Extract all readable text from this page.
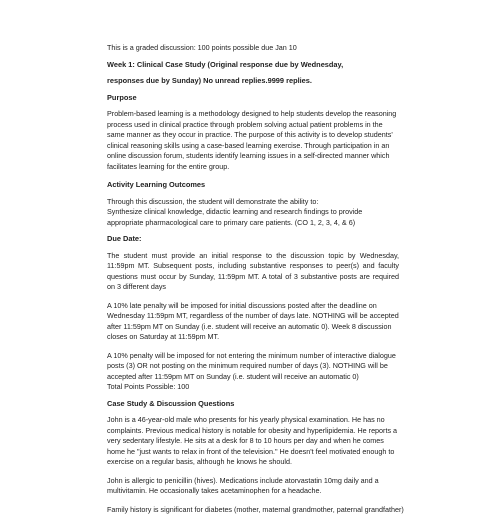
This is a graded discussion: 100 points possible due Jan 10

Week 1: Clinical Case Study (Original response due by Wednesday,

responses due by Sunday) No unread replies.9999 replies.

Purpose

Problem-based learning is a methodology designed to help students develop the reasoning process used in clinical practice through problem solving actual patient problems in the same manner as they occur in practice. The purpose of this activity is to develop students' clinical reasoning skills using a case-based learning exercise. Through participation in an online discussion forum, students identify learning issues in a self-directed manner which facilitates learning for the entire group.

Activity Learning Outcomes

Through this discussion, the student will demonstrate the ability to:

Synthesize clinical knowledge, didactic learning and research findings to provide

appropriate pharmacological care to primary care patients. (CO 1, 2, 3, 4, & 6)

Due Date:

The student must provide an initial response to the discussion topic by Wednesday, 11:59pm MT. Subsequent posts, including substantive responses to peer(s) and faculty questions must occur by Sunday, 11:59pm MT. A total of 3 substantive posts are required on 3 different days

A 10% late penalty will be imposed for initial discussions posted after the deadline on Wednesday 11:59pm MT, regardless of the number of days late. NOTHING will be accepted after 11:59pm MT on Sunday (i.e. student will receive an automatic 0). Week 8 discussion closes on Saturday at 11:59pm MT.

A 10% penalty will be imposed for not entering the minimum number of interactive dialogue posts (3) OR not posting on the minimum required number of days (3). NOTHING will be accepted after 11:59pm MT on Sunday (i.e. student will receive an automatic 0)

Total Points Possible: 100

Case Study & Discussion Questions

John is a 46-year-old male who presents for his yearly physical examination. He has no complaints. Previous medical history is notable for obesity and hyperlipidemia. He reports a very sedentary lifestyle. He sits at a desk for 8 to 10 hours per day and when he comes home he "just wants to relax in front of the television." He doesn't feel motivated enough to exercise on a regular basis, although he knows he should.

John is allergic to penicillin (hives). Medications include atorvastatin 10mg daily and a multivitamin. He occasionally takes acetaminophen for a headache.

Family history is significant for diabetes (mother, maternal grandmother, paternal grandfather)
